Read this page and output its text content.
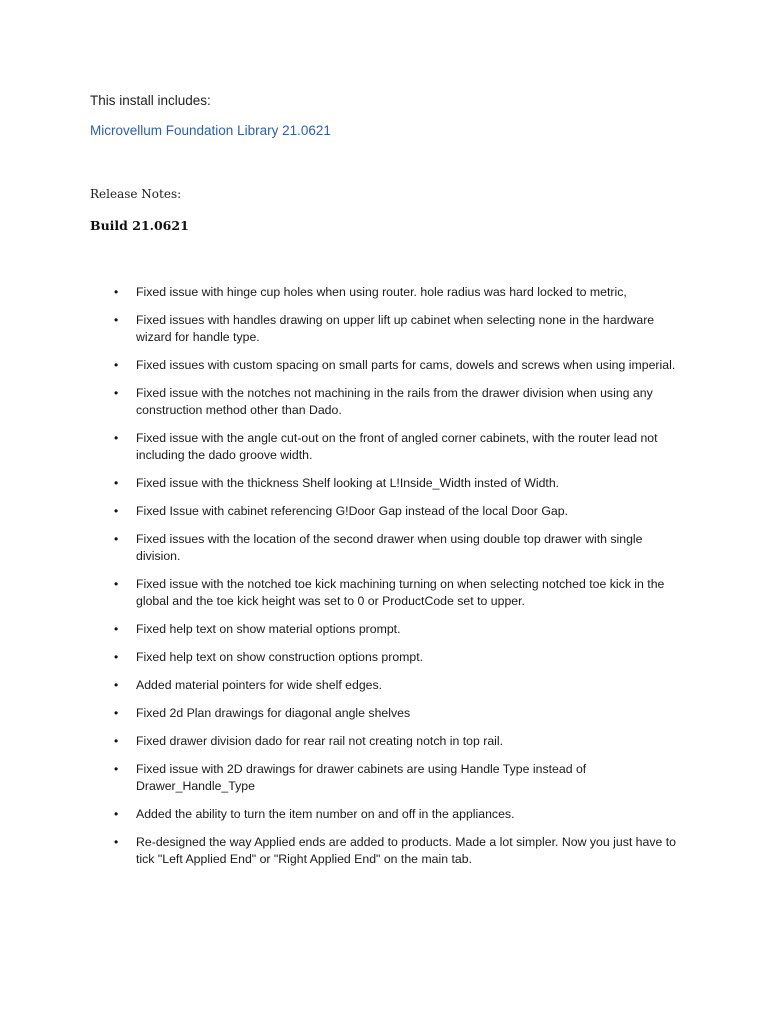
This install includes:
Microvellum Foundation Library 21.0621
Release Notes:
Build 21.0621
• Fixed issue with hinge cup holes when using router. hole radius was hard locked to metric,
• Fixed issues with handles drawing on upper lift up cabinet when selecting none in the hardware wizard for handle type.
• Fixed issues with custom spacing on small parts for cams, dowels and screws when using imperial.
• Fixed issue with the notches not machining in the rails from the drawer division when using any construction method other than Dado.
• Fixed issue with the angle cut-out on the front of angled corner cabinets, with the router lead not including the dado groove width.
• Fixed issue with the thickness Shelf looking at L!Inside_Width insted of Width.
• Fixed Issue with cabinet referencing G!Door Gap instead of the local Door Gap.
• Fixed issues with the location of the second drawer when using double top drawer with single division.
• Fixed issue with the notched toe kick machining turning on when selecting notched toe kick in the global and the toe kick height was set to 0 or ProductCode set to upper.
• Fixed help text on show material options prompt.
• Fixed help text on show construction options prompt.
• Added material pointers for wide shelf edges.
• Fixed 2d Plan drawings for diagonal angle shelves
• Fixed drawer division dado for rear rail not creating notch in top rail.
• Fixed issue with 2D drawings for drawer cabinets are using Handle Type instead of Drawer_Handle_Type
• Added the ability to turn the item number on and off in the appliances.
• Re-designed the way Applied ends are added to products. Made a lot simpler. Now you just have to tick "Left Applied End" or "Right Applied End" on the main tab.
